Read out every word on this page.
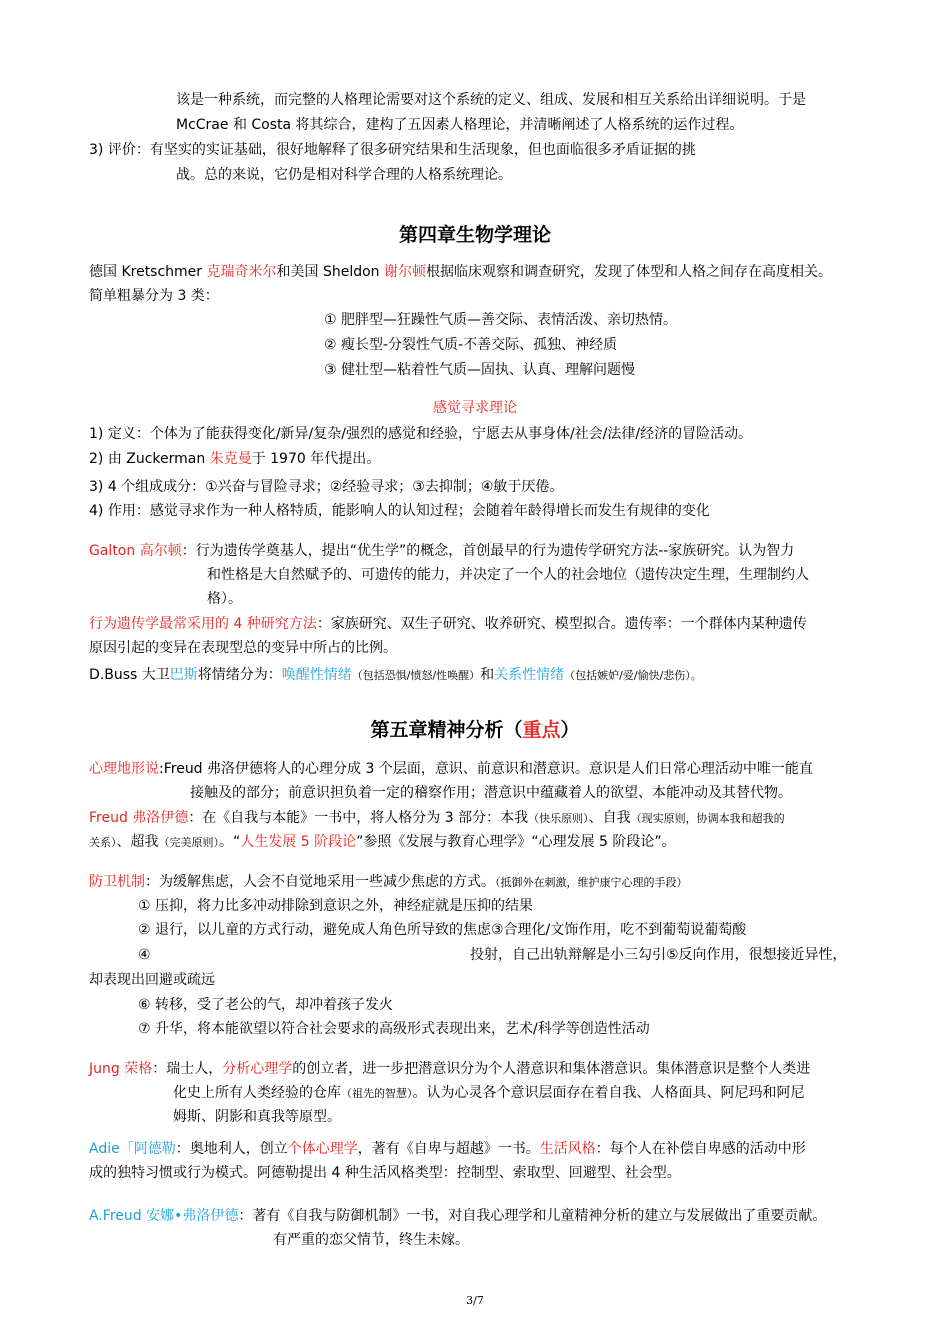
该是一种系统，而完整的人格理论需要对这个系统的定义、组成、发展和相互关系给出详细说明。于是
McCrae 和 Costa 将其综合，建构了五因素人格理论，并清晰阐述了人格系统的运作过程。
3) 评价：有坚实的实证基础，很好地解释了很多研究结果和生活现象，但也面临很多矛盾证据的挑
战。总的来说，它仍是相对科学合理的人格系统理论。
第四章生物学理论
德国 Kretschmer 克瑞奇米尔和美国 Sheldon 谢尔顿根据临床观察和调查研究，发现了体型和人格之间存在高度相关。
简单粗暴分为 3 类：
① 肥胖型—狂躁性气质—善交际、表情活泼、亲切热情。
② 瘦长型-分裂性气质-不善交际、孤独、神经质
③ 健壮型—粘着性气质—固执、认真、理解问题慢
感觉寻求理论
1) 定义：个体为了能获得变化/新异/复杂/强烈的感觉和经验，宁愿去从事身体/社会/法律/经济的冒险活动。
2) 由 Zuckerman 朱克曼于 1970 年代提出。
3) 4 个组成成分：①兴奋与冒险寻求；②经验寻求；③去抑制；④敏于厌倦。
4) 作用：感觉寻求作为一种人格特质，能影响人的认知过程；会随着年龄得增长而发生有规律的变化
Galton 高尔顿：行为遗传学奠基人，提出“优生学”的概念，首创最早的行为遗传学研究方法--家族研究。认为智力
和性格是大自然赋予的、可遗传的能力，并决定了一个人的社会地位（遗传决定生理，生理制约人
格）。
行为遗传学最常采用的 4 种研究方法：家族研究、双生子研究、收养研究、模型拟合。遗传率：一个群体内某种遗传
原因引起的变异在表现型总的变异中所占的比例。
D.Buss 大卫巴斯将情绪分为：唤醒性情绪（包括恐惧/愤怒/性唤醒）和关系性情绪（包括嫉妒/爱/愉快/悲伤）。
第五章精神分析（重点）
心理地形说:Freud 弗洛伊德将人的心理分成 3 个层面，意识、前意识和潜意识。意识是人们日常心理活动中唯一能直
接触及的部分；前意识担负着一定的稽察作用；潜意识中蕴藏着人的欲望、本能冲动及其替代物。
Freud 弗洛伊德：在《自我与本能》一书中，将人格分为 3 部分：本我（快乐原则）、自我（现实原则，协调本我和超我的
关系）、超我（完美原则）。“人生发展 5 阶段论”参照《发展与教育心理学》“心理发展 5 阶段论”。
防卫机制：为缓解焦虑，人会不自觉地采用一些减少焦虑的方式。（抵御外在刺激，维护康宁心理的手段）
① 压抑，将力比多冲动排除到意识之外，神经症就是压抑的结果
② 退行，以儿童的方式行动，避免成人角色所导致的焦虑③合理化/文饰作用，吃不到葡萄说葡萄酸
④	投射，自己出轨辩解是小三勾引⑤反向作用，很想接近异性，
却表现出回避或疏远
⑥ 转移，受了老公的气，却冲着孩子发火
⑦ 升华，将本能欲望以符合社会要求的高级形式表现出来，艺术/科学等创造性活动
Jung 荣格：瑞士人，分析心理学的创立者，进一步把潜意识分为个人潜意识和集体潜意识。集体潜意识是整个人类进
化史上所有人类经验的仓库（祖先的智慧）。认为心灵各个意识层面存在着自我、人格面具、阿尼玛和阿尼
姆斯、阴影和真我等原型。
Adie「阿德勒：奥地利人，创立个体心理学，著有《自卑与超越》一书。生活风格：每个人在补偿自卑感的活动中形
成的独特习惯或行为模式。阿德勒提出 4 种生活风格类型：控制型、索取型、回避型、社会型。
A.Freud 安娜•弗洛伊德：著有《自我与防御机制》一书，对自我心理学和儿童精神分析的建立与发展做出了重要贡献。
有严重的恋父情节，终生未嫁。
3/7
